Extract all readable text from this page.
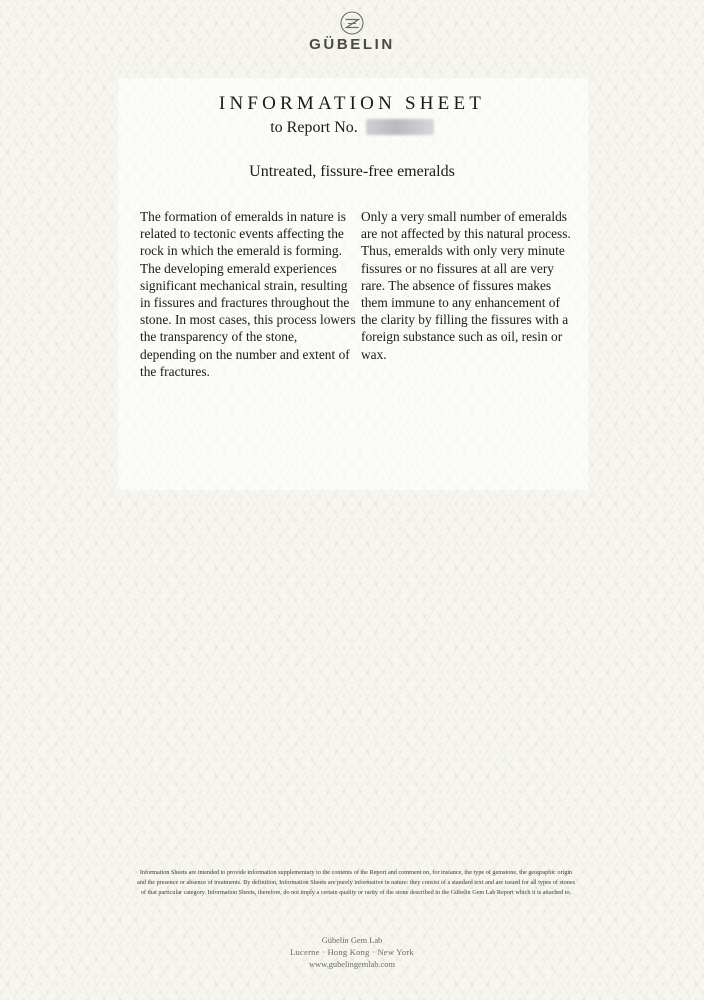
GÜBELIN
INFORMATION SHEET
to Report No.
Untreated, fissure-free emeralds
The formation of emeralds in nature is related to tectonic events affecting the rock in which the emerald is forming. The developing emerald experiences significant mechanical strain, resulting in fissures and fractures throughout the stone. In most cases, this process lowers the transparency of the stone, depending on the number and extent of the fractures.
Only a very small number of emeralds are not affected by this natural process. Thus, emeralds with only very minute fissures or no fissures at all are very rare. The absence of fissures makes them immune to any enhancement of the clarity by filling the fissures with a foreign substance such as oil, resin or wax.
Information Sheets are intended to provide information supplementary to the contents of the Report and comment on, for instance, the type of gemstone, the geographic origin and the presence or absence of treatments. By definition, Information Sheets are purely informative in nature: they consist of a standard text and are issued for all types of stones of that particular category. Information Sheets, therefore, do not imply a certain quality or rarity of the stone described in the Gübelin Gem Lab Report which it is attached to.
Gübelin Gem Lab
Lucerne · Hong Kong · New York
www.gubelingemlab.com
